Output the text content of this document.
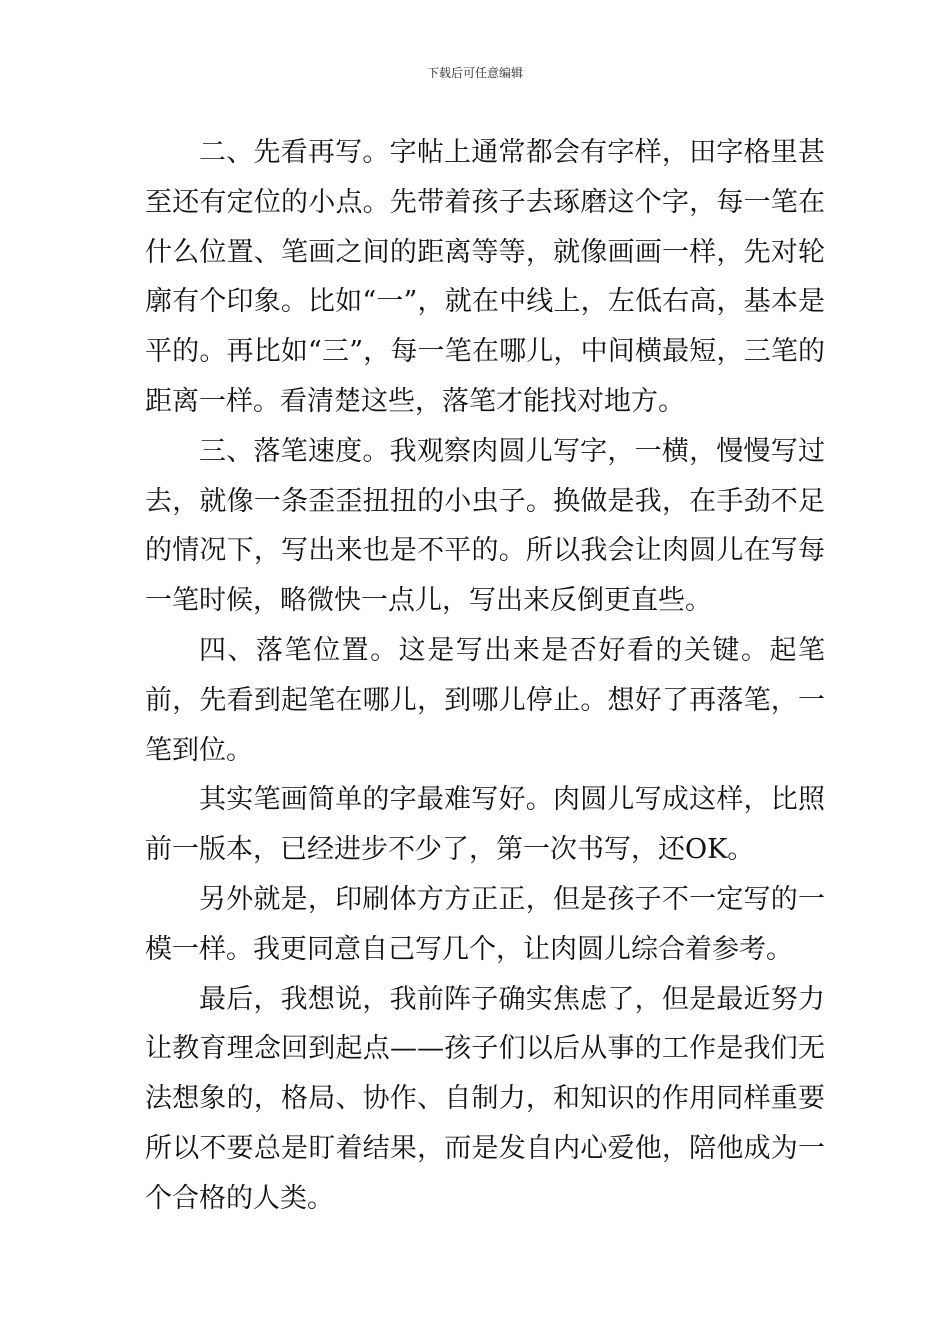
下载后可任意编辑

二、先看再写。字帖上通常都会有字样，田字格里甚至还有定位的小点。先带着孩子去琢磨这个字，每一笔在什么位置、笔画之间的距离等等，就像画画一样，先对轮廓有个印象。比如“一”，就在中线上，左低右高，基本是平的。再比如“三”，每一笔在哪儿，中间横最短，三笔的距离一样。看清楚这些，落笔才能找对地方。

三、落笔速度。我观察肉圆儿写字，一横，慢慢写过去，就像一条歪歪扭扭的小虫子。换做是我，在手劲不足的情况下，写出来也是不平的。所以我会让肉圆儿在写每一笔时候，略微快一点儿，写出来反倒更直些。

四、落笔位置。这是写出来是否好看的关键。起笔前，先看到起笔在哪儿，到哪儿停止。想好了再落笔，一笔到位。

其实笔画简单的字最难写好。肉圆儿写成这样，比照前一版本，已经进步不少了，第一次书写，还OK。

另外就是，印刷体方方正正，但是孩子不一定写的一模一样。我更同意自己写几个，让肉圆儿综合着参考。

最后，我想说，我前阵子确实焦虑了，但是最近努力让教育理念回到起点——孩子们以后从事的工作是我们无法想象的，格局、协作、自制力，和知识的作用同样重要所以不要总是盯着结果，而是发自内心爱他，陪他成为一个合格的人类。
